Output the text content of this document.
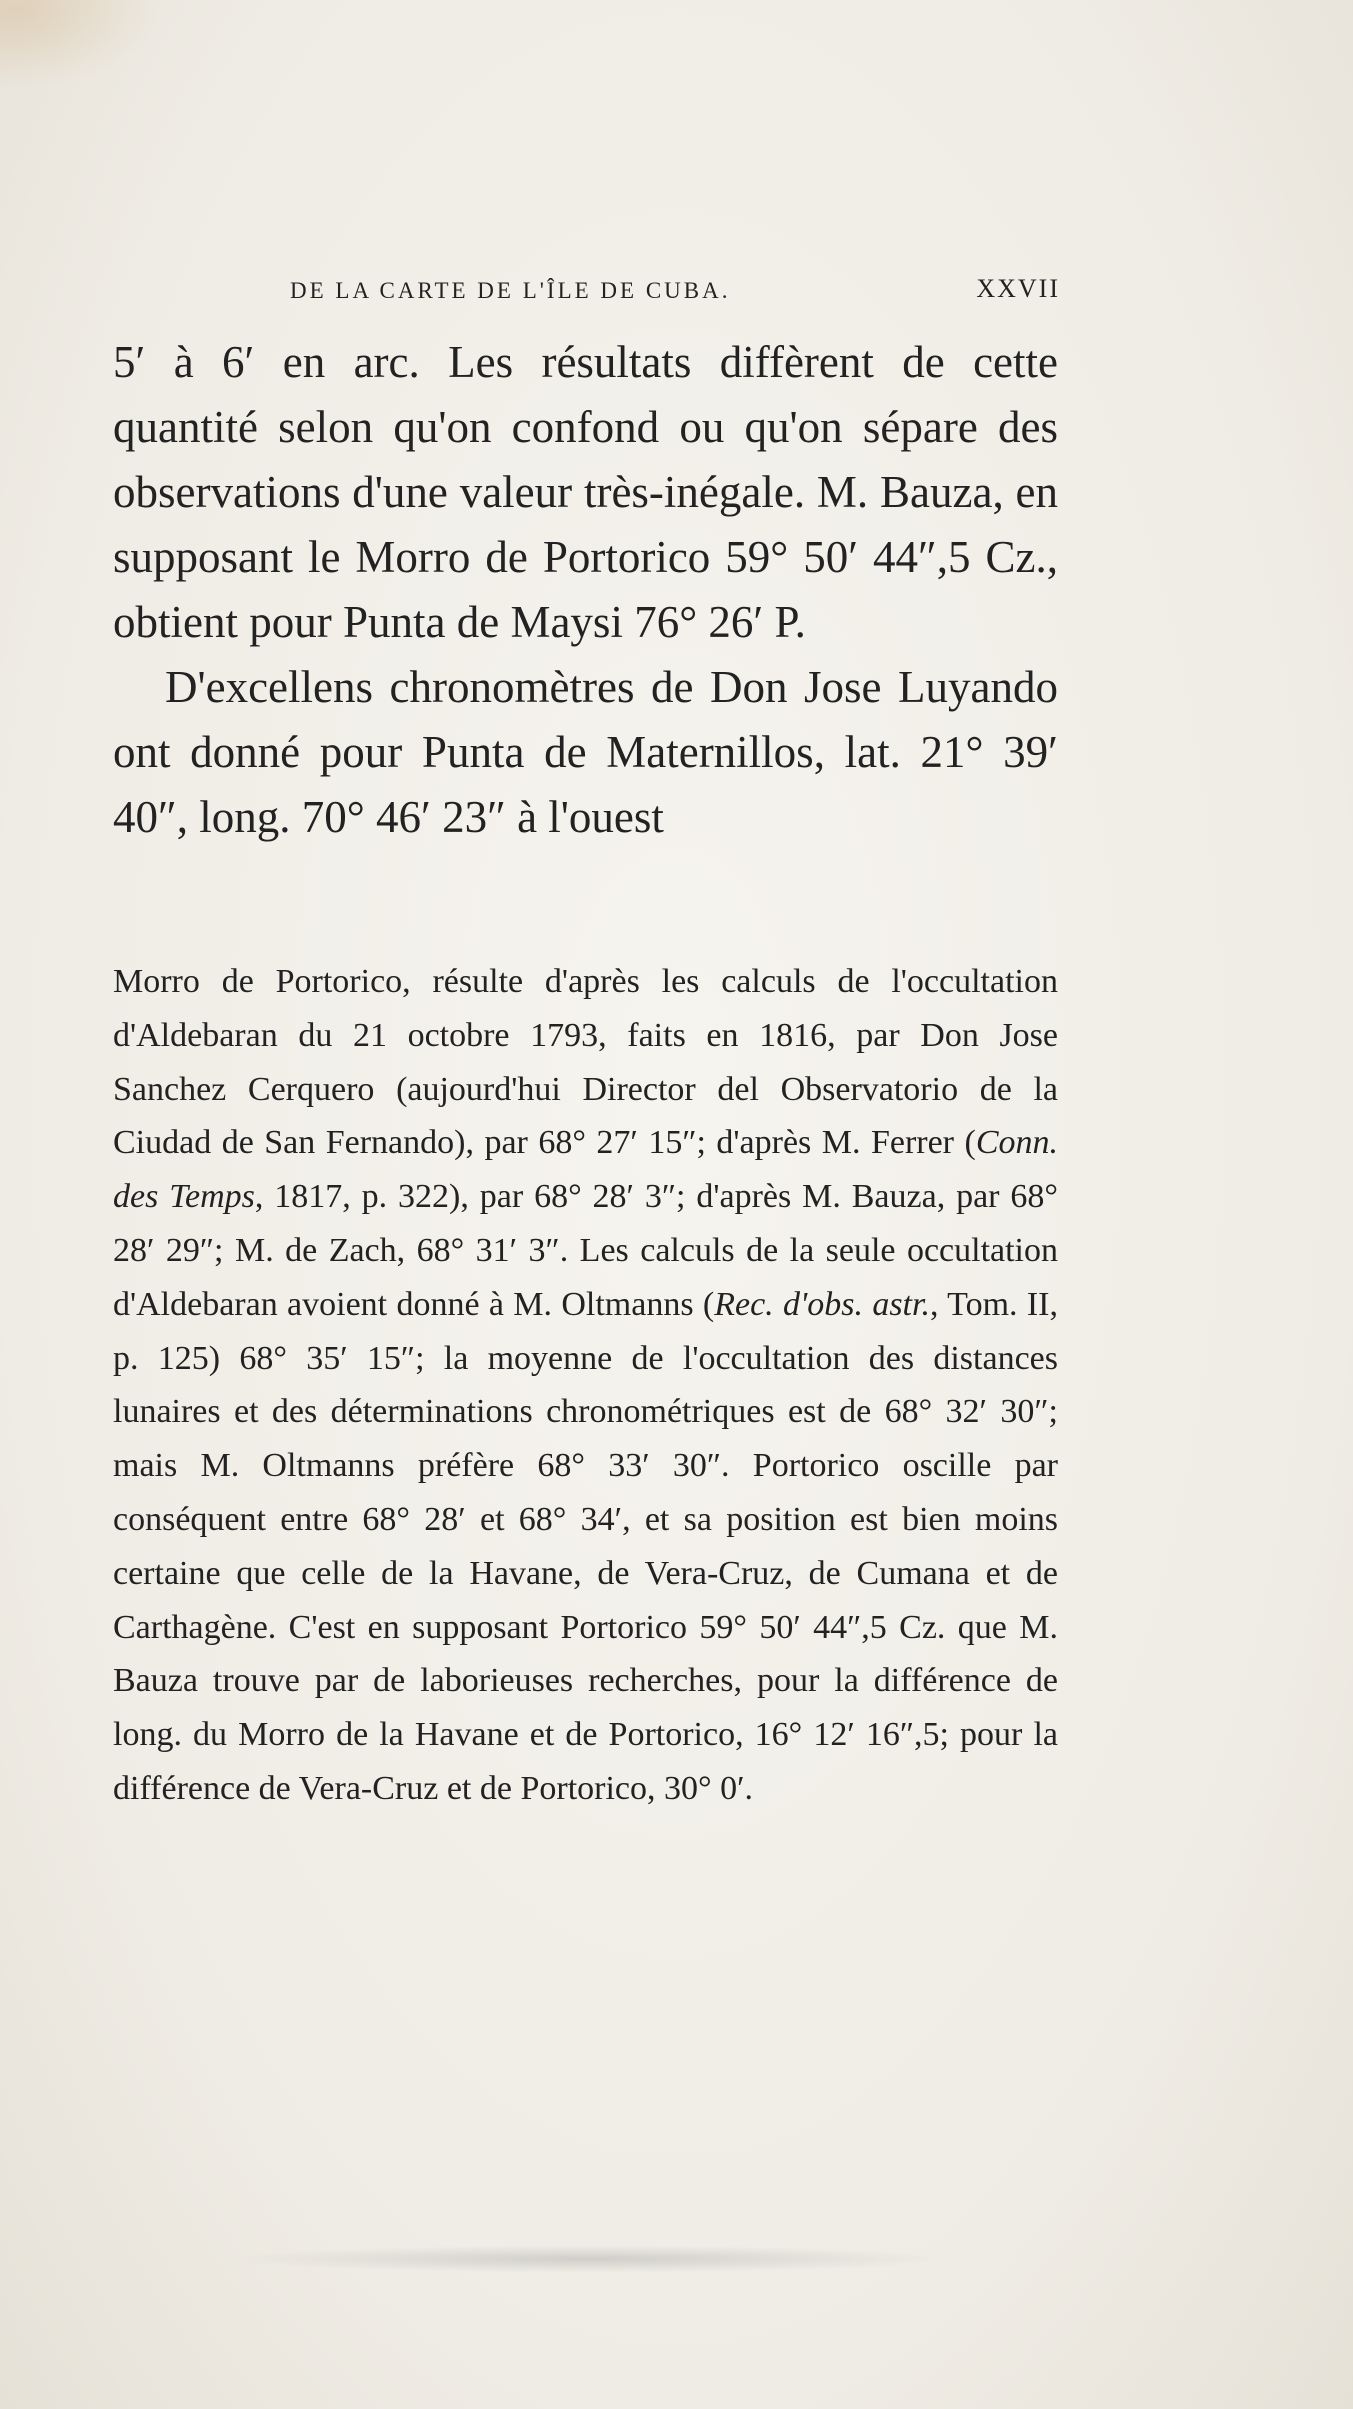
DE LA CARTE DE L'ÎLE DE CUBA.	XXVII
5′ à 6′ en arc. Les résultats diffèrent de cette quantité selon qu'on confond ou qu'on sépare des observations d'une valeur très-inégale. M. Bauza, en supposant le Morro de Portorico 59° 50′ 44″,5 Cz., obtient pour Punta de Maysi 76° 26′ P.
D'excellens chronomètres de Don Jose Luyando ont donné pour Punta de Maternillos, lat. 21° 39′ 40″, long. 70° 46′ 23″ à l'ouest
Morro de Portorico, résulte d'après les calculs de l'occultation d'Aldebaran du 21 octobre 1793, faits en 1816, par Don Jose Sanchez Cerquero (aujourd'hui Director del Observatorio de la Ciudad de San Fernando), par 68° 27′ 15″; d'après M. Ferrer (Conn. des Temps, 1817, p. 322), par 68° 28′ 3″; d'après M. Bauza, par 68° 28′ 29″; M. de Zach, 68° 31′ 3″. Les calculs de la seule occultation d'Aldebaran avoient donné à M. Oltmanns (Rec. d'obs. astr., Tom. II, p. 125) 68° 35′ 15″; la moyenne de l'occultation des distances lunaires et des déterminations chronométriques est de 68° 32′ 30″; mais M. Oltmanns préfère 68° 33′ 30″. Portorico oscille par conséquent entre 68° 28′ et 68° 34′, et sa position est bien moins certaine que celle de la Havane, de Vera-Cruz, de Cumana et de Carthagène. C'est en supposant Portorico 59° 50′ 44″,5 Cz. que M. Bauza trouve par de laborieuses recherches, pour la différence de long. du Morro de la Havane et de Portorico, 16° 12′ 16″,5; pour la différence de Vera-Cruz et de Portorico, 30° 0′.
